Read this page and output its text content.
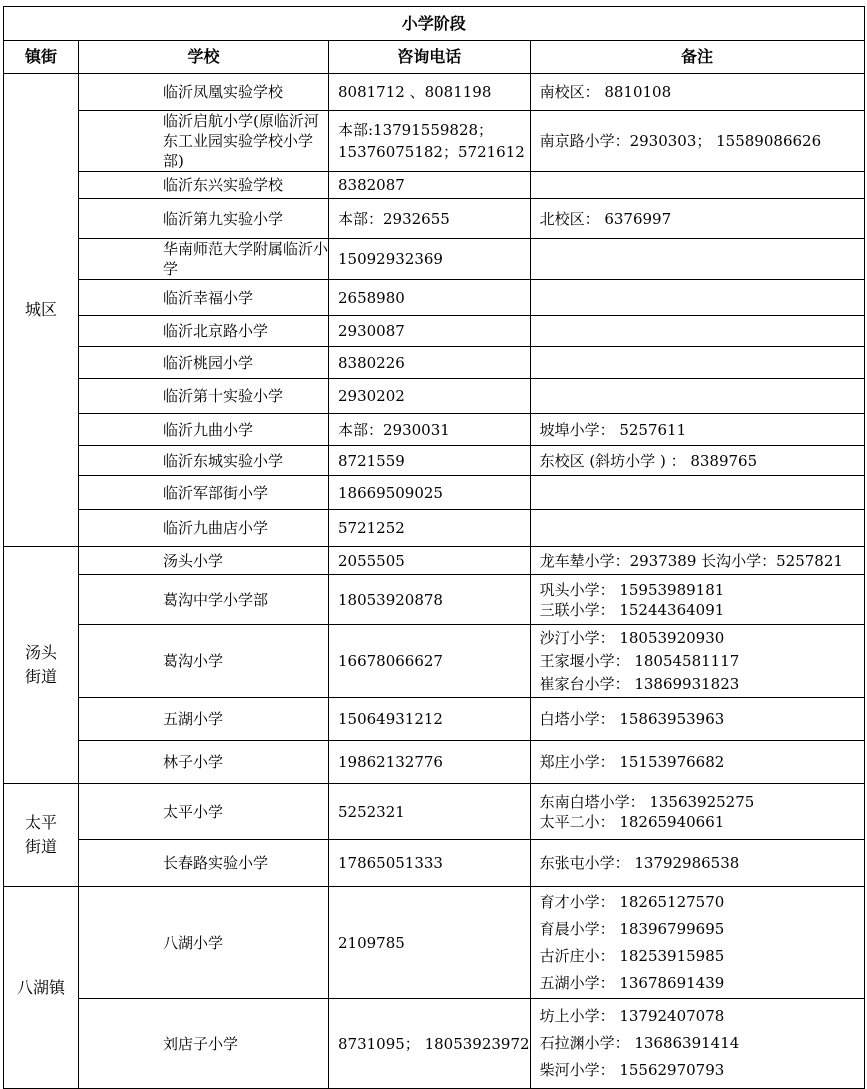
小学阶段			
镇街	学校	咨询电话	备注
城区	临沂凤凰实验学校	8081712 、8081198	南校区： 8810108

	临沂启航小学(原临沂河东工业园实验学校小学部)	本部:13791559828；15376075182；5721612	南京路小学：2930303； 15589086626

	临沂东兴实验学校	8382087	
	临沂第九实验小学	本部：2932655	北校区： 6376997

	华南师范大学附属临沂小学	15092932369	
	临沂幸福小学	2658980	
	临沂北京路小学	2930087	
	临沂桃园小学	8380226	
	临沂第十实验小学	2930202	
	临沂九曲小学	本部：2930031	坡埠小学： 5257611

	临沂东城实验小学	8721559	东校区 (斜坊小学 ) ： 8389765

	临沂军部街小学	18669509025	
	临沂九曲店小学	5721252	
汤头街道	汤头小学	2055505	龙车辇小学：2937389 长沟小学：5257821

	葛沟中学小学部	18053920878	巩头小学： 15953989181
三联小学： 15244364091

	葛沟小学	16678066627	沙汀小学： 18053920930
王家堰小学： 18054581117
崔家台小学： 13869931823

	五湖小学	15064931212	白塔小学： 15863953963

	林子小学	19862132776	郑庄小学： 15153976682

太平街道	太平小学	5252321	东南白塔小学： 13563925275
太平二小： 18265940661

	长春路实验小学	17865051333	东张屯小学： 13792986538

八湖镇	八湖小学	2109785	育才小学： 18265127570
育晨小学： 18396799695
古沂庄小： 18253915985
五湖小学： 13678691439

	刘店子小学	8731095； 18053923972	坊上小学： 13792407078
石拉渊小学： 13686391414
柴河小学： 15562970793
